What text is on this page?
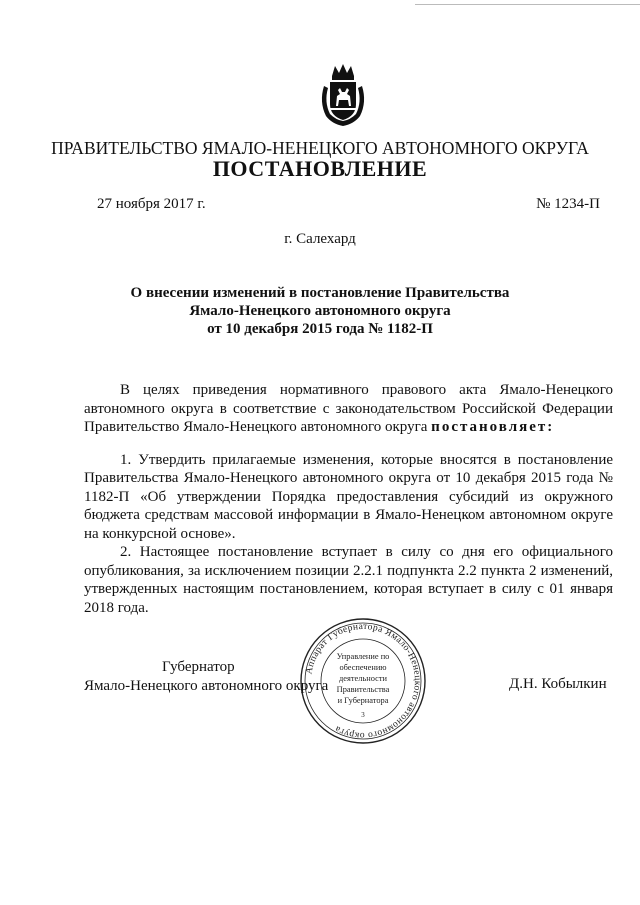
ПРАВИТЕЛЬСТВО ЯМАЛО-НЕНЕЦКОГО АВТОНОМНОГО ОКРУГА
ПОСТАНОВЛЕНИЕ
27 ноября 2017 г.	№ 1234-П
г. Салехард
О внесении изменений в постановление Правительства
Ямало-Ненецкого автономного округа
от 10 декабря 2015 года № 1182-П

В целях приведения нормативного правового акта Ямало-Ненецкого автономного округа в соответствие с законодательством Российской Федерации Правительство Ямало-Ненецкого автономного округа постановляет:

1. Утвердить прилагаемые изменения, которые вносятся в постановление Правительства Ямало-Ненецкого автономного округа от 10 декабря 2015 года № 1182-П «Об утверждении Порядка предоставления субсидий из окружного бюджета средствам массовой информации в Ямало-Ненецком автономном округе на конкурсной основе».

2. Настоящее постановление вступает в силу со дня его официального опубликования, за исключением позиции 2.2.1 подпункта 2.2 пункта 2 изменений, утвержденных настоящим постановлением, которая вступает в силу с 01 января 2018 года.

Губернатор
Ямало-Ненецкого автономного округа	Д.Н. Кобылкин
Аппарат Губернатора Ямало-Ненецкого автономного округа
Управление по
обеспечению
деятельности
Правительства
и Губернатора
3
